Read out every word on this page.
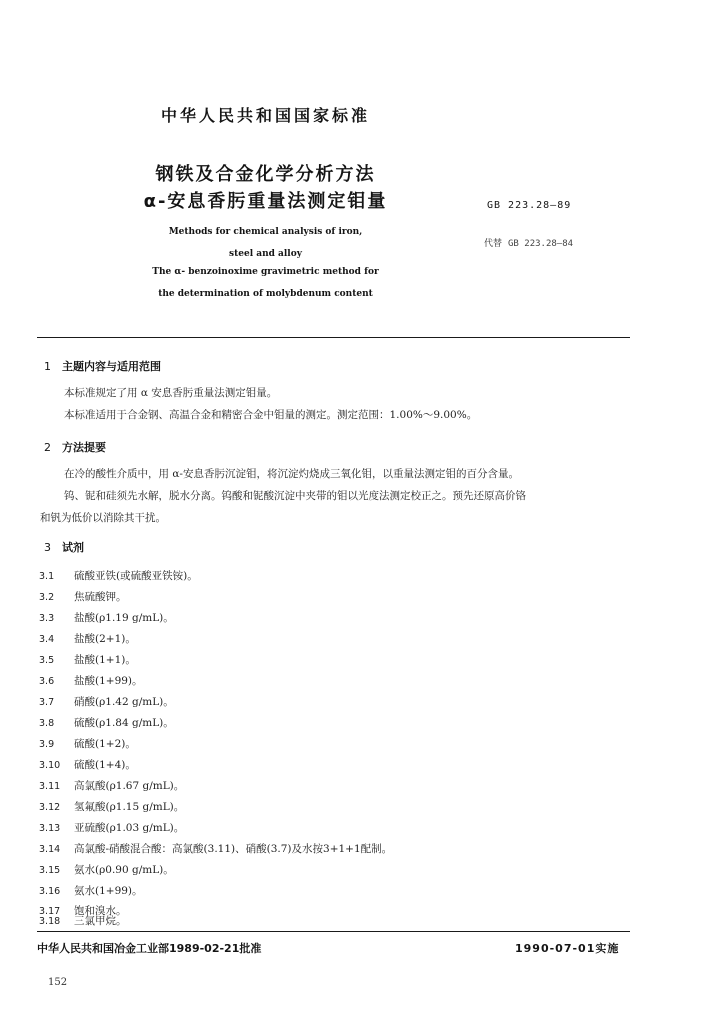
中华人民共和国国家标准
钢铁及合金化学分析方法
α-安息香肟重量法测定钼量	GB 223.28—89
代替 GB 223.28—84
Methods for chemical analysis of iron,
steel and alloy
The α- benzoinoxime gravimetric method for
the determination of molybdenum content
1 主题内容与适用范围
本标准规定了用 α 安息香肟重量法测定钼量。
本标准适用于合金钢、高温合金和精密合金中钼量的测定。测定范围：1.00%～9.00%。
2 方法提要
在冷的酸性介质中，用 α-安息香肟沉淀钼，将沉淀灼烧成三氧化钼，以重量法测定钼的百分含量。
钨、铌和硅须先水解，脱水分离。钨酸和铌酸沉淀中夹带的钼以光度法测定校正之。预先还原高价铬
和钒为低价以消除其干扰。
3 试剂
3.1 硫酸亚铁(或硫酸亚铁铵)。
3.2 焦硫酸钾。
3.3 盐酸(ρ1.19 g/mL)。
3.4 盐酸(2+1)。
3.5 盐酸(1+1)。
3.6 盐酸(1+99)。
3.7 硝酸(ρ1.42 g/mL)。
3.8 硫酸(ρ1.84 g/mL)。
3.9 硫酸(1+2)。
3.10 硫酸(1+4)。
3.11 高氯酸(ρ1.67 g/mL)。
3.12 氢氟酸(ρ1.15 g/mL)。
3.13 亚硫酸(ρ1.03 g/mL)。
3.14 高氯酸-硝酸混合酸：高氯酸(3.11)、硝酸(3.7)及水按3+1+1配制。
3.15 氨水(ρ0.90 g/mL)。
3.16 氨水(1+99)。
3.17 饱和溴水。
3.18 三氯甲烷。
中华人民共和国冶金工业部1989-02-21批准	1990-07-01实施
152
